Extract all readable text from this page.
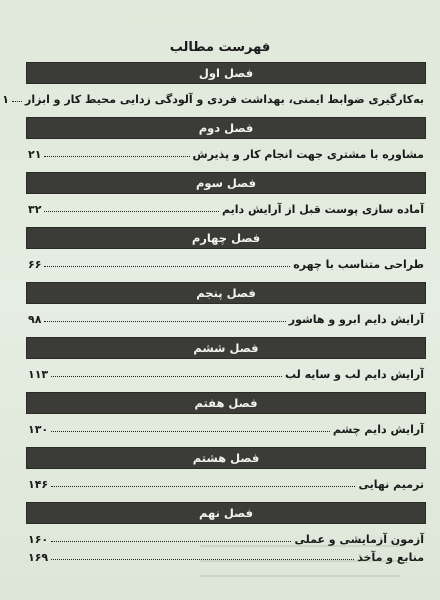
فهرست مطالب
فصل اول
به‌کارگیری ضوابط ایمنی، بهداشت فردی و آلودگی زدایی محیط کار و ابزار
۱
فصل دوم
مشاوره با مشتری جهت انجام کار و پذیرش
۲۱
فصل سوم
آماده سازی پوست قبل از آرایش دایم
۳۲
فصل چهارم
طراحی متناسب با چهره
۶۶
فصل پنجم
آرایش دایم ابرو و هاشور
۹۸
فصل ششم
آرایش دایم لب و سایه لب
۱۱۳
فصل هفتم
آرایش دایم چشم
۱۳۰
فصل هشتم
ترمیم نهایی
۱۴۶
فصل نهم
آزمون آزمایشی و عملی
۱۶۰
منابع و مآخذ
۱۶۹
